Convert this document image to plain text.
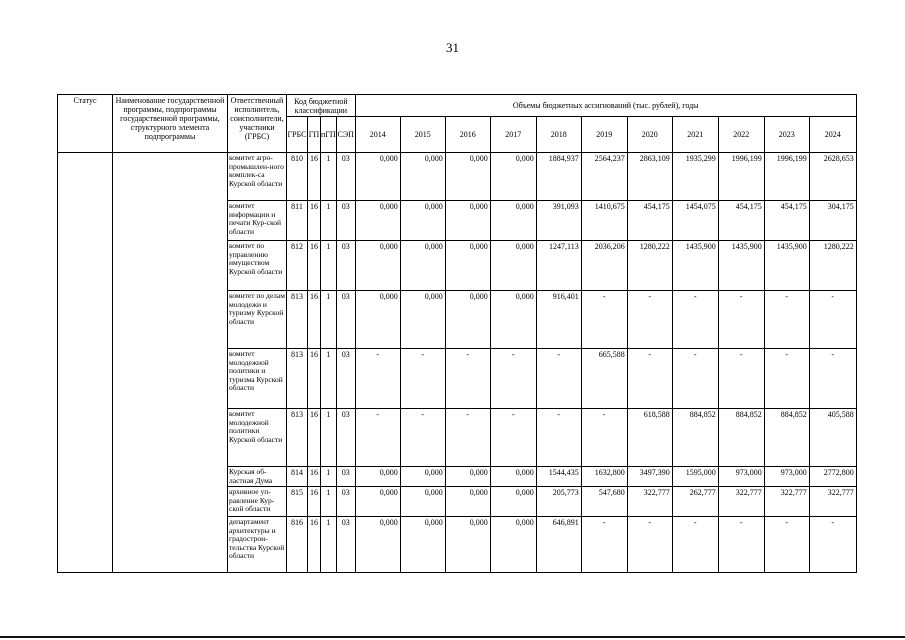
31
Статус	Наименование государственной программы, подпрограммы государственной программы, структурного элемента подпрограммы	Ответственный исполнитель, соисполнители, участники (ГРБС)	Код бюджетной классификации				Объемы бюджетных ассигнований (тыс. рублей), годы										
			ГРБС	ГП	пГП	СЭП	2014	2015	2016	2017	2018	2019	2020	2021	2022	2023	2024
		комитет агро-промышлен-ного комплек-са Курской области	810	16	1	03	0,000	0,000	0,000	0,000	1884,937	2564,237	2863,109	1935,299	1996,199	1996,199	2628,653
		комитет информации и печати Кур-ской области	811	16	1	03	0,000	0,000	0,000	0,000	391,093	1410,675	454,175	1454,075	454,175	454,175	304,175
		комитет по управлению имуществом Курской области	812	16	1	03	0,000	0,000	0,000	0,000	1247,113	2036,206	1280,222	1435,900	1435,900	1435,900	1280,222
		комитет по делам молодежи и туризму Курской области	813	16	1	03	0,000	0,000	0,000	0,000	916,401	-	-	-	-	-	-
		комитет молодежной политики и туризма Курской области	813	16	1	03	-	-	-	-	-	665,588	-	-	-	-	-
		комитет молодежной политики Курской области	813	16	1	03	-	-	-	-	-	-	618,588	884,852	884,852	884,852	405,588
		Курская об-ластная Дума	814	16	1	03	0,000	0,000	0,000	0,000	1544,435	1632,800	3497,390	1595,000	973,000	973,000	2772,800
		архивное уп-равление Кур-ской области	815	16	1	03	0,000	0,000	0,000	0,000	205,773	547,680	322,777	262,777	322,777	322,777	322,777
		департамент архитектуры и градострои-тельства Курской области	816	16	1	03	0,000	0,000	0,000	0,000	646,891	-	-	-	-	-	-
